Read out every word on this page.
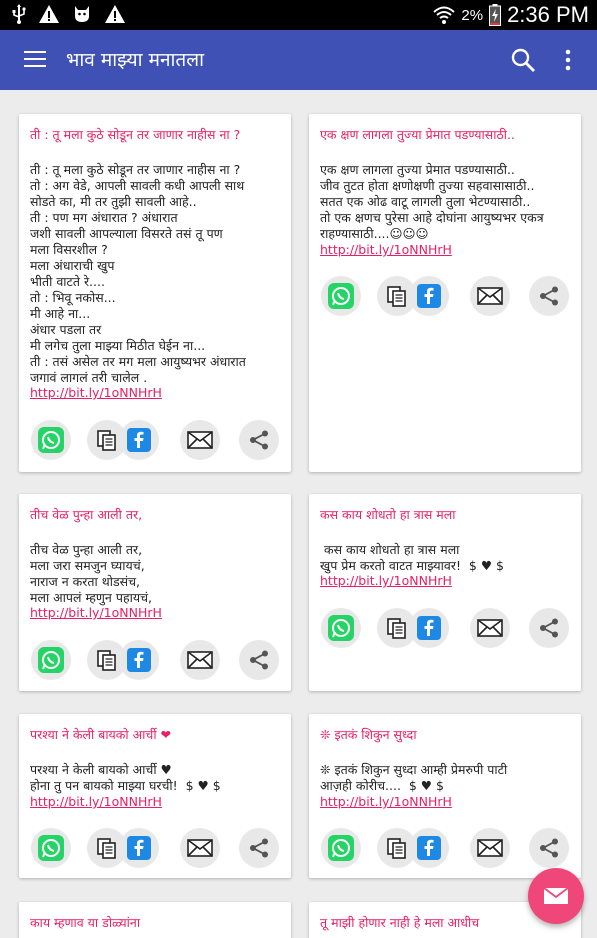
2% 2:36 PM
भाव माझ्या मनातला
ती : तू मला कुठे सोडून तर जाणार नाहीस ना ?
ती : तू मला कुठे सोडून तर जाणार नाहीस ना ?
तो : अग वेडे, आपली सावली कधी आपली साथ
सोडते का, मी तर तुझी सावली आहे..
ती : पण मग अंधारात ? अंधारात
जशी सावली आपल्याला विसरते तसं तू पण
मला विसरशील ?
मला अंधाराची खुप
भीती वाटते रे....
तो : भिवू नकोस...
मी आहे ना...
अंधार पडला तर
मी लगेच तुला माझ्या मिठीत घेईन ना...
ती : तसं असेल तर मग मला आयुष्यभर अंधारात
जगावं लागलं तरी चालेल .
http://bit.ly/1oNNHrH
एक क्षण लागला तुज्या प्रेमात पडण्यासाठी..
एक क्षण लागला तुज्या प्रेमात पडण्यासाठी..
जीव तुटत होता क्षणोक्षणी तुज्या सहवासासाठी..
सतत एक ओढ वाटू लागली तुला भेटण्यासाठी..
तो एक क्षणच पुरेसा आहे दोघांना आयुष्यभर एकत्र
राहण्यासाठी....☺☺☺
http://bit.ly/1oNNHrH
तीच वेळ पुन्हा आली तर,
तीच वेळ पुन्हा आली तर,
मला जरा समजुन घ्यायचं,
नाराज न करता थोडसंच,
मला आपलं म्हणुन पहायचं,
http://bit.ly/1oNNHrH
कस काय शोधतो हा त्रास मला
कस काय शोधतो हा त्रास मला
खुप प्रेम करतो वाटत माझ्यावर!  $ ♥ $
http://bit.ly/1oNNHrH
परश्या ने केली बायको आर्ची ❤
परश्या ने केली बायको आर्ची ♥
होना तु पन बायको माझ्या घरची!  $ ♥ $
http://bit.ly/1oNNHrH
❊ इतकं शिकुन सुध्दा
❊ इतकं शिकुन सुध्दा आम्ही प्रेमरुपी पाटी
आज़ही कोरीच....  $ ♥ $
http://bit.ly/1oNNHrH
काय म्हणाव या डोळ्यांना	तू माझी होणार नाही हे मला आधीच
